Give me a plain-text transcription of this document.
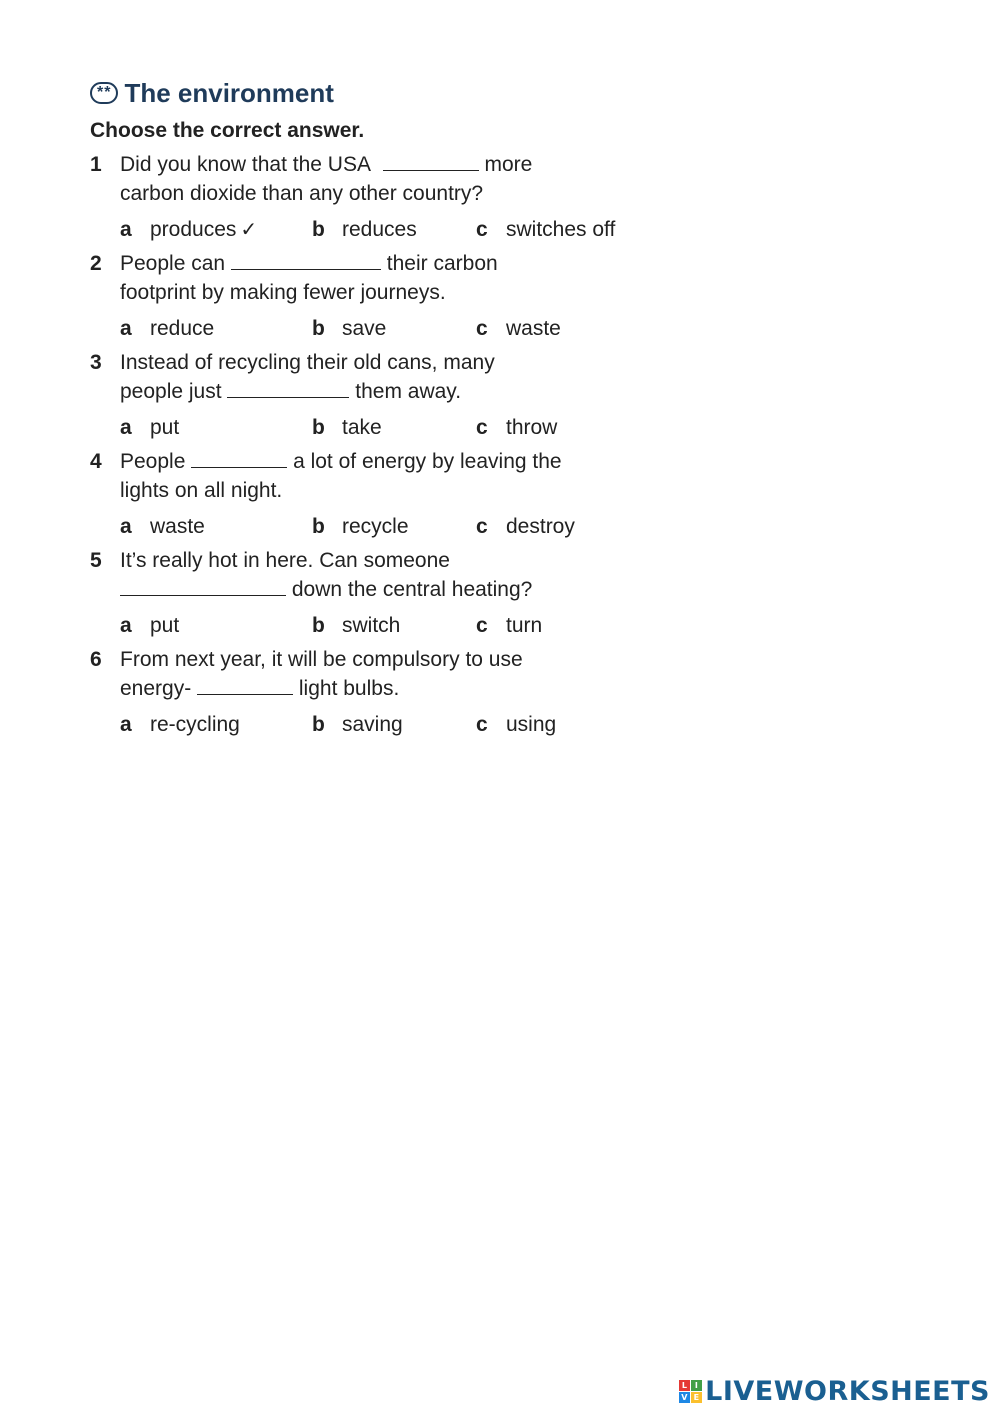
** The environment
Choose the correct answer.
1 Did you know that the USA	more
carbon dioxide than any other country?
a produces ✓	b reduces	c switches off
2 People can	their carbon
footprint by making fewer journeys.
a reduce	b save	c waste
3 Instead of recycling their old cans, many
people just	them away.
a put	b take	c throw
4 People	a lot of energy by leaving the
lights on all night.
a waste	b recycle	c destroy
5 It’s really hot in here. Can someone
down the central heating?
a put	b switch	c turn
6 From next year, it will be compulsory to use
energy-	light bulbs.
a re-cycling	b saving	c using
L I
V E LIVEWORKSHEETS
